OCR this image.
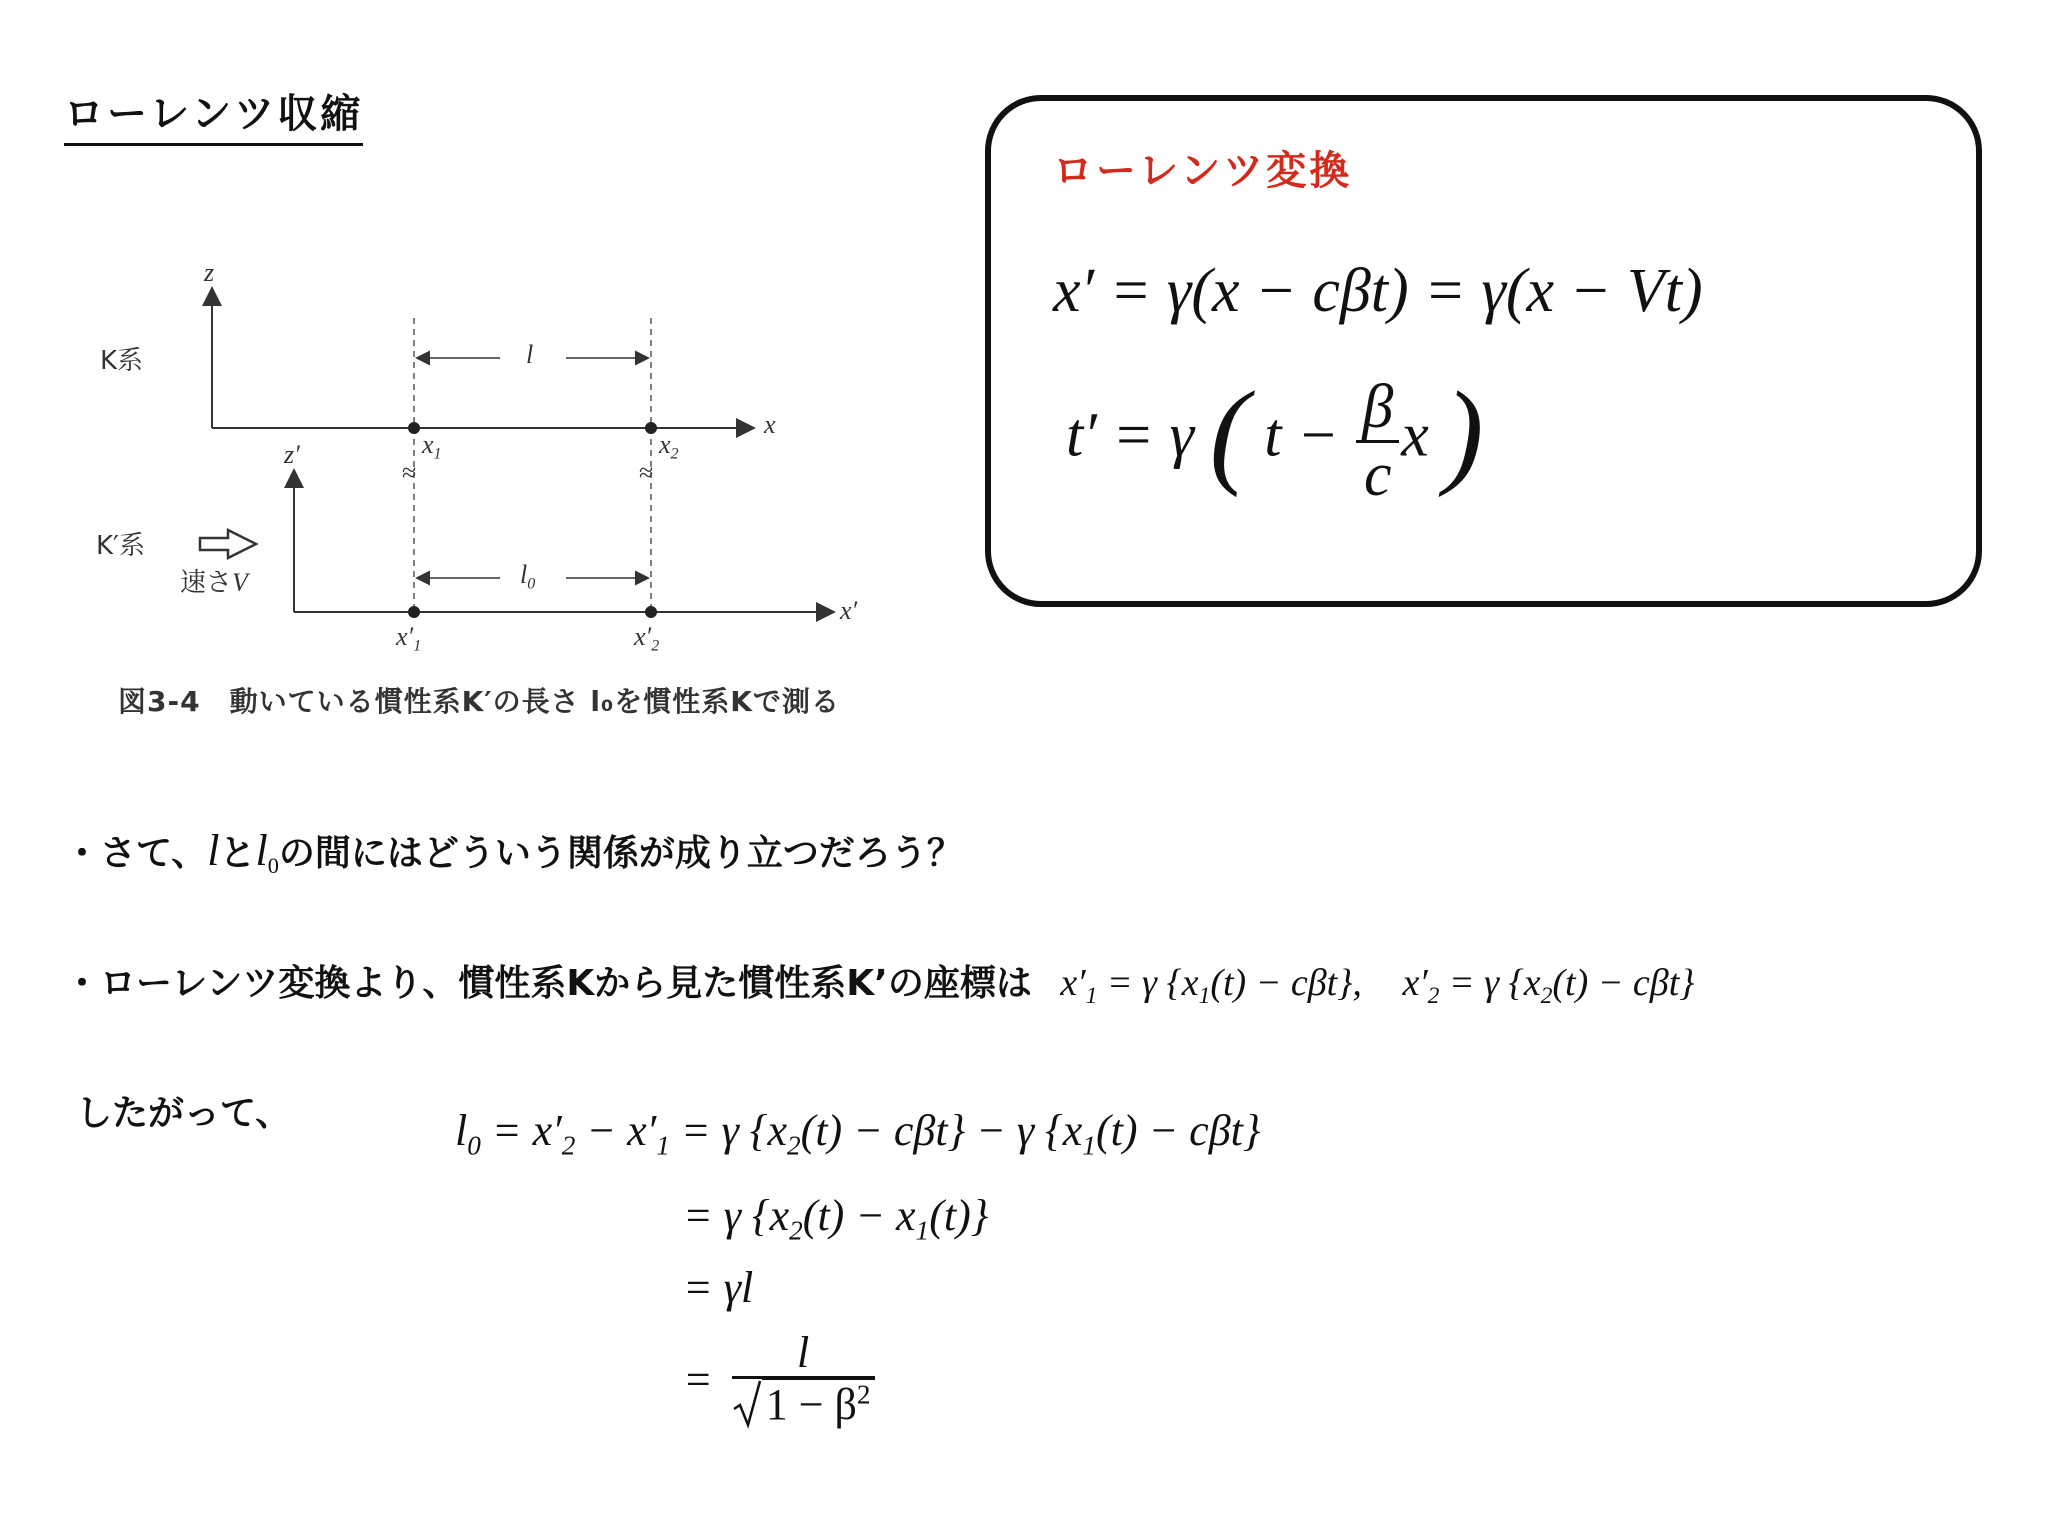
ローレンツ収縮
K系
K′系
速さV
z
z′
x
x′
l
$l_0$
$x_1$	$x_2$
$x'_1$	$x'_2$
≈	≈
図3-4　動いている慣性系K′の長さ l₀を慣性系Kで測る
ローレンツ変換
x′ = γ(x − cβt) = γ(x − Vt)
t′ = γ ( $t - \frac{\beta}{c}$ x )
・さて、lと$l_0$の間にはどういう関係が成り立つだろう？
・ローレンツ変換より、慣性系Kから見た慣性系K’の座標は $x'_1 = \gamma$ $\{x_1(t) - c\beta t\}$, $x'_2 = \gamma$ $\{x_2(t) - c\beta t\}$
したがって、	$l_0 = x'_2 - x'_1 = \gamma$ $\{x_2(t) - c\beta t\} - \gamma$ $\{x_1(t) - c\beta t\}$
= γ $\{x_2(t) - x_1(t)\}$
= γl
= $\frac{l}{1 - \beta^2}$
